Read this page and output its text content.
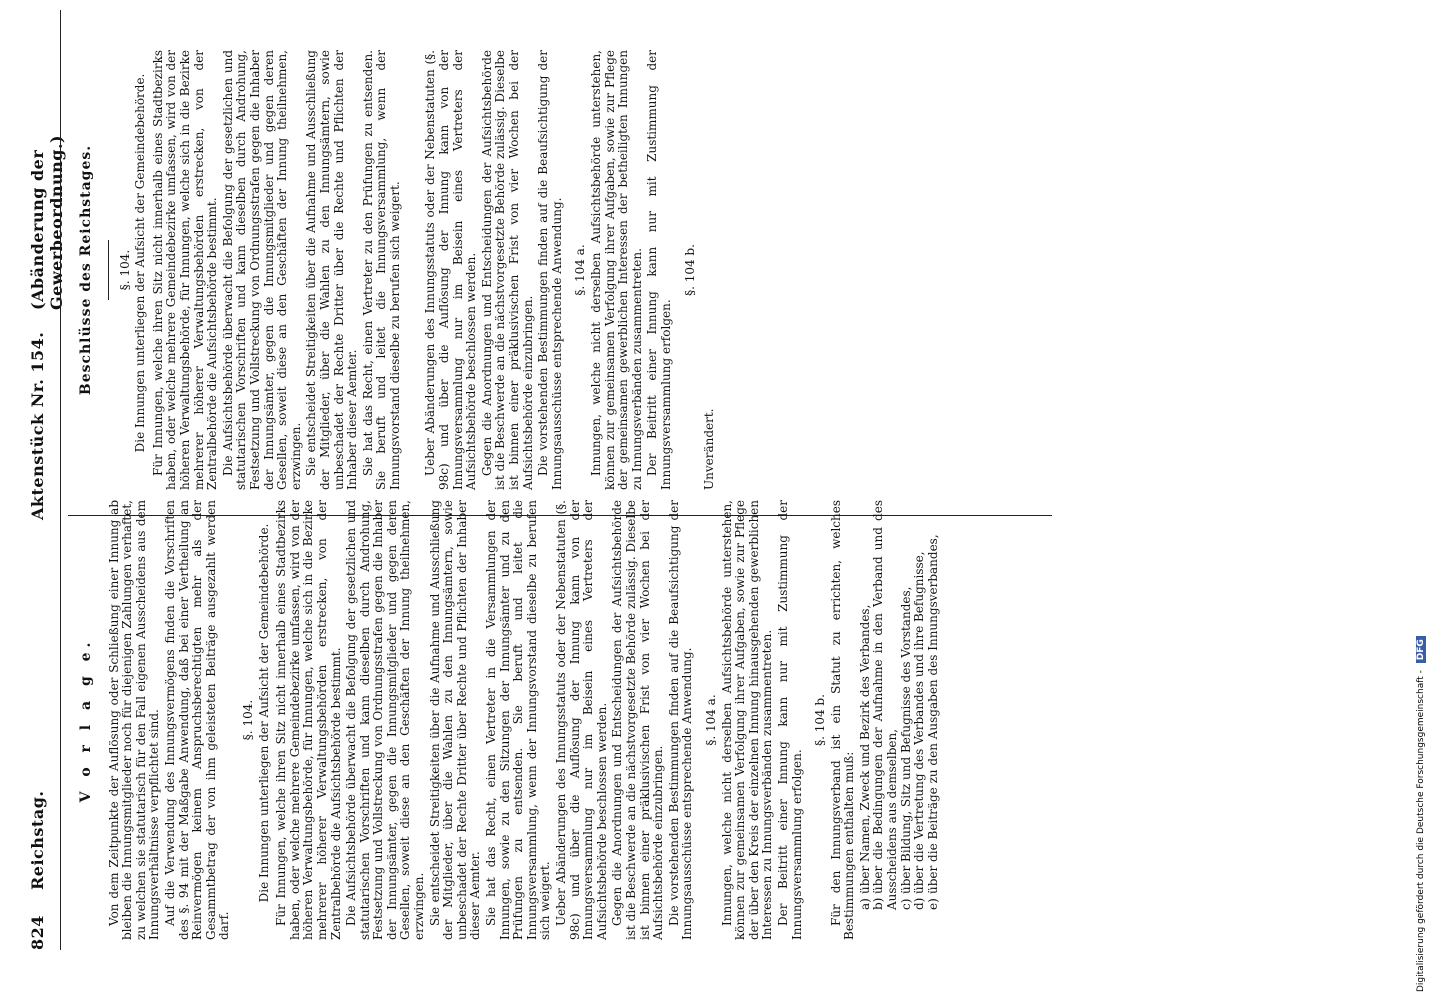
824
Reichstag.
Aktenstück Nr. 154.
(Abänderung der Gewerbeordnung.)
V o r l a g e. Von dem Zeitpunkte der Auflösung oder Schließung einer Innung ab bleiben die Innungsmitglieder noch für diejenigen Zahlungen verhaftet, zu welchen sie statutarisch für den Fall eigenen Ausscheidens aus dem Innungsverhältnisse verpflichtet sind. Auf die Verwendung des Innungsvermögens finden die Vorschriften des §. 94 mit der Maßgabe Anwendung, daß bei einer Vertheilung an Reinvermögen keinem Anspruchsberechtigten mehr als der Gesammtbetrag der von ihm geleisteten Beiträge ausgezahlt werden darf.

§. 104. Die Innungen unterliegen der Aufsicht der Gemeindebehörde. Für Innungen, welche ihren Sitz nicht innerhalb eines Stadtbezirks haben, oder welche mehrere Gemeindebezirke umfassen, wird von der höheren Verwaltungsbehörde, für Innungen, welche sich in die Bezirke mehrerer höherer Verwaltungsbehörden erstrecken, von der Zentralbehörde die Aufsichtsbehörde bestimmt. Die Aufsichtsbehörde überwacht die Befolgung der gesetzlichen und statutarischen Vorschriften und kann dieselben durch Androhung, Festsetzung und Vollstreckung von Ordnungsstrafen gegen die Inhaber der Innungsämter, gegen die Innungsmitglieder und gegen deren Gesellen, soweit diese an den Geschäften der Innung theilnehmen, erzwingen. Sie entscheidet Streitigkeiten über die Aufnahme und Ausschließung der Mitglieder, über die Wahlen zu den Innungsämtern, sowie unbeschadet der Rechte Dritter über Rechte und Pflichten der Inhaber dieser Aemter. Sie hat das Recht, einen Vertreter in die Versammlungen der Innungen, sowie zu den Sitzungen der Innungsämter und zu den Prüfungen zu entsenden. Sie beruft und leitet die Innungsversammlung, wenn der Innungsvorstand dieselbe zu berufen sich weigert. Ueber Abänderungen des Innungsstatuts oder der Nebenstatuten (§. 98c) und über die Auflösung der Innung kann von der Innungsversammlung nur im Beisein eines Vertreters der Aufsichtsbehörde beschlossen werden. Gegen die Anordnungen und Entscheidungen der Aufsichtsbehörde ist die Beschwerde an die nächstvorgesetzte Behörde zulässig. Dieselbe ist binnen einer präklusivischen Frist von vier Wochen bei der Aufsichtsbehörde einzubringen. Die vorstehenden Bestimmungen finden auf die Beaufsichtigung der Innungsausschüsse entsprechende Anwendung. §. 104 a. Innungen, welche nicht derselben Aufsichtsbehörde unterstehen, können zur gemeinsamen Verfolgung ihrer Aufgaben, sowie zur Pflege der über den Kreis der einzelnen Innung hinausgehenden gewerblichen Interessen zu Innungsverbänden zusammentreten. Der Beitritt einer Innung kann nur mit Zustimmung der Innungsversammlung erfolgen.

§. 104 b. Für den Innungsverband ist ein Statut zu errichten, welches Bestimmungen enthalten muß: a)über Namen, Zweck und Bezirk des Verbandes,
b)über die Bedingungen der Aufnahme in den Verband und des Ausscheidens aus demselben, c)über Bildung, Sitz und Befugnisse des Vorstandes,
d)über die Vertretung des Verbandes und ihre Befugnisse,
e)über die Beiträge zu den Ausgaben des Innungsverbandes,
Beschlüsse des Reichstages. §. 104. Die Innungen unterliegen der Aufsicht der Gemeindebehörde. Für Innungen, welche ihren Sitz nicht innerhalb eines Stadtbezirks haben, oder welche mehrere Gemeindebezirke umfassen, wird von der höheren Verwaltungsbehörde, für Innungen, welche sich in die Bezirke mehrerer höherer Verwaltungsbehörden erstrecken, von der Zentralbehörde die Aufsichtsbehörde bestimmt. Die Aufsichtsbehörde überwacht die Befolgung der gesetzlichen und statutarischen Vorschriften und kann dieselben durch Androhung, Festsetzung und Vollstreckung von Ordnungsstrafen gegen die Inhaber der Innungsämter, gegen die Innungsmitglieder und gegen deren Gesellen, soweit diese an den Geschäften der Innung theilnehmen, erzwingen. Sie entscheidet Streitigkeiten über die Aufnahme und Ausschließung der Mitglieder, über die Wahlen zu den Innungsämtern, sowie unbeschadet der Rechte Dritter über die Rechte und Pflichten der Inhaber dieser Aemter. Sie hat das Recht, einen Vertreter zu den Prüfungen zu entsenden. Sie beruft und leitet die Innungsversammlung, wenn der Innungsvorstand dieselbe zu berufen sich weigert. Ueber Abänderungen des Innungsstatuts oder der Nebenstatuten (§. 98c) und über die Auflösung der Innung kann von der Innungsversammlung nur im Beisein eines Vertreters der Aufsichtsbehörde beschlossen werden. Gegen die Anordnungen und Entscheidungen der Aufsichtsbehörde ist die Beschwerde an die nächstvorgesetzte Behörde zulässig. Dieselbe ist binnen einer präklusivischen Frist von vier Wochen bei der Aufsichtsbehörde einzubringen. Die vorstehenden Bestimmungen finden auf die Beaufsichtigung der Innungsausschüsse entsprechende Anwendung. §. 104 a. Innungen, welche nicht derselben Aufsichtsbehörde unterstehen, können zur gemeinsamen Verfolgung ihrer Aufgaben, sowie zur Pflege der gemeinsamen gewerblichen Interessen der betheiligten Innungen zu Innungsverbänden zusammentreten. Der Beitritt einer Innung kann nur mit Zustimmung der Innungsversammlung erfolgen.

§. 104 b.

Unverändert.

Digitalisierung gefördert durch die Deutsche Forschungsgemeinschaft - DFG
